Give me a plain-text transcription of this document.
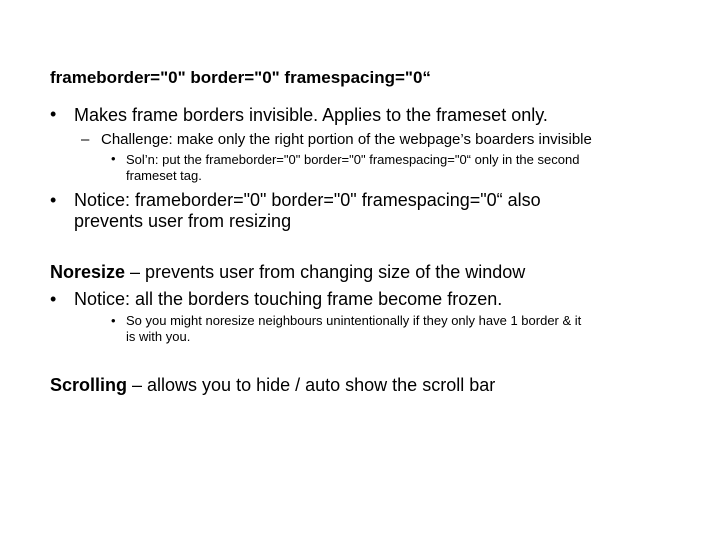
frameborder="0" border="0" framespacing="0“
• Makes frame borders invisible. Applies to the frameset only.
– Challenge: make only the right portion of the webpage’s boarders invisible
• Sol’n: put the frameborder="0" border="0" framespacing="0“ only in the second
frameset tag.
• Notice: frameborder="0" border="0" framespacing="0“ also
prevents user from resizing
Noresize – prevents user from changing size of the window
• Notice: all the borders touching frame become frozen.
• So you might noresize neighbours unintentionally if they only have 1 border & it
is with you.
Scrolling – allows you to hide / auto show the scroll bar
